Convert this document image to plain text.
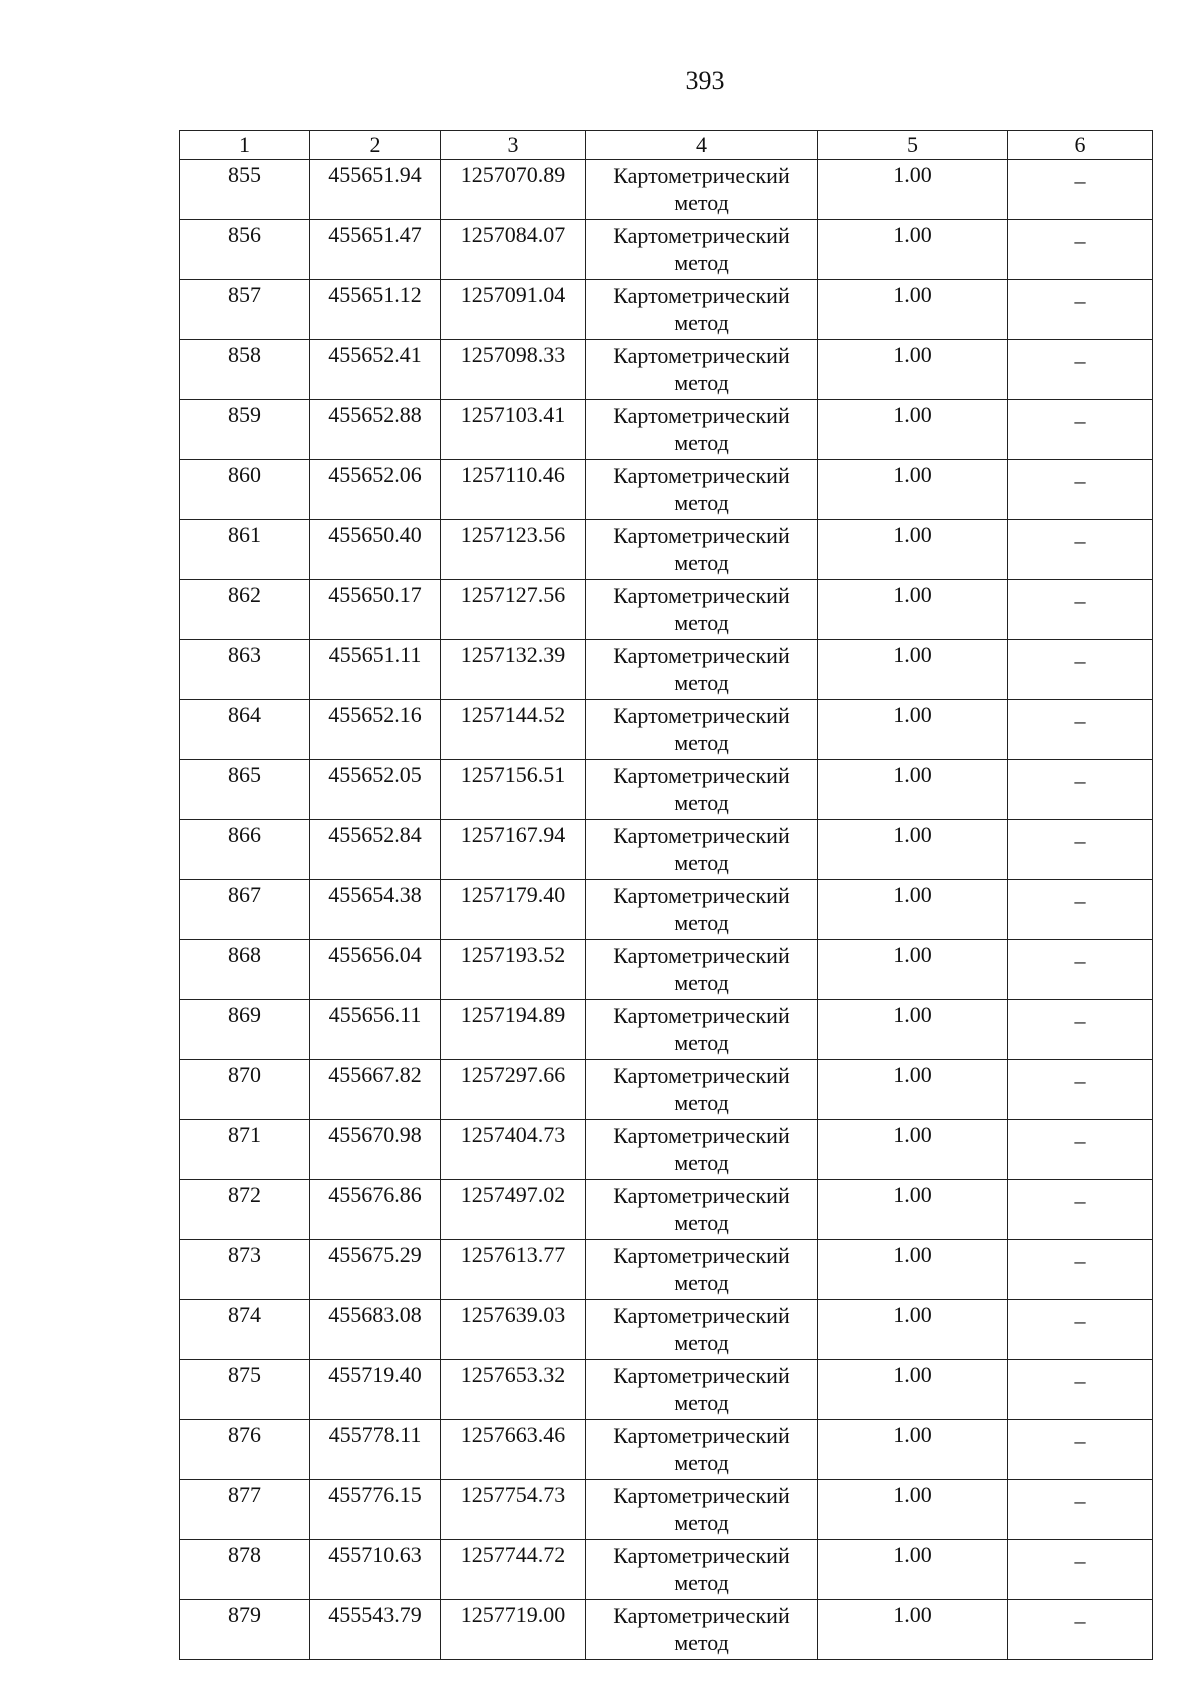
393
1	2	3	4	5	6
855	455651.94	1257070.89	Картометрический метод	1.00	–
856	455651.47	1257084.07	Картометрический метод	1.00	–
857	455651.12	1257091.04	Картометрический метод	1.00	–
858	455652.41	1257098.33	Картометрический метод	1.00	–
859	455652.88	1257103.41	Картометрический метод	1.00	–
860	455652.06	1257110.46	Картометрический метод	1.00	–
861	455650.40	1257123.56	Картометрический метод	1.00	–
862	455650.17	1257127.56	Картометрический метод	1.00	–
863	455651.11	1257132.39	Картометрический метод	1.00	–
864	455652.16	1257144.52	Картометрический метод	1.00	–
865	455652.05	1257156.51	Картометрический метод	1.00	–
866	455652.84	1257167.94	Картометрический метод	1.00	–
867	455654.38	1257179.40	Картометрический метод	1.00	–
868	455656.04	1257193.52	Картометрический метод	1.00	–
869	455656.11	1257194.89	Картометрический метод	1.00	–
870	455667.82	1257297.66	Картометрический метод	1.00	–
871	455670.98	1257404.73	Картометрический метод	1.00	–
872	455676.86	1257497.02	Картометрический метод	1.00	–
873	455675.29	1257613.77	Картометрический метод	1.00	–
874	455683.08	1257639.03	Картометрический метод	1.00	–
875	455719.40	1257653.32	Картометрический метод	1.00	–
876	455778.11	1257663.46	Картометрический метод	1.00	–
877	455776.15	1257754.73	Картометрический метод	1.00	–
878	455710.63	1257744.72	Картометрический метод	1.00	–
879	455543.79	1257719.00	Картометрический метод	1.00	–
